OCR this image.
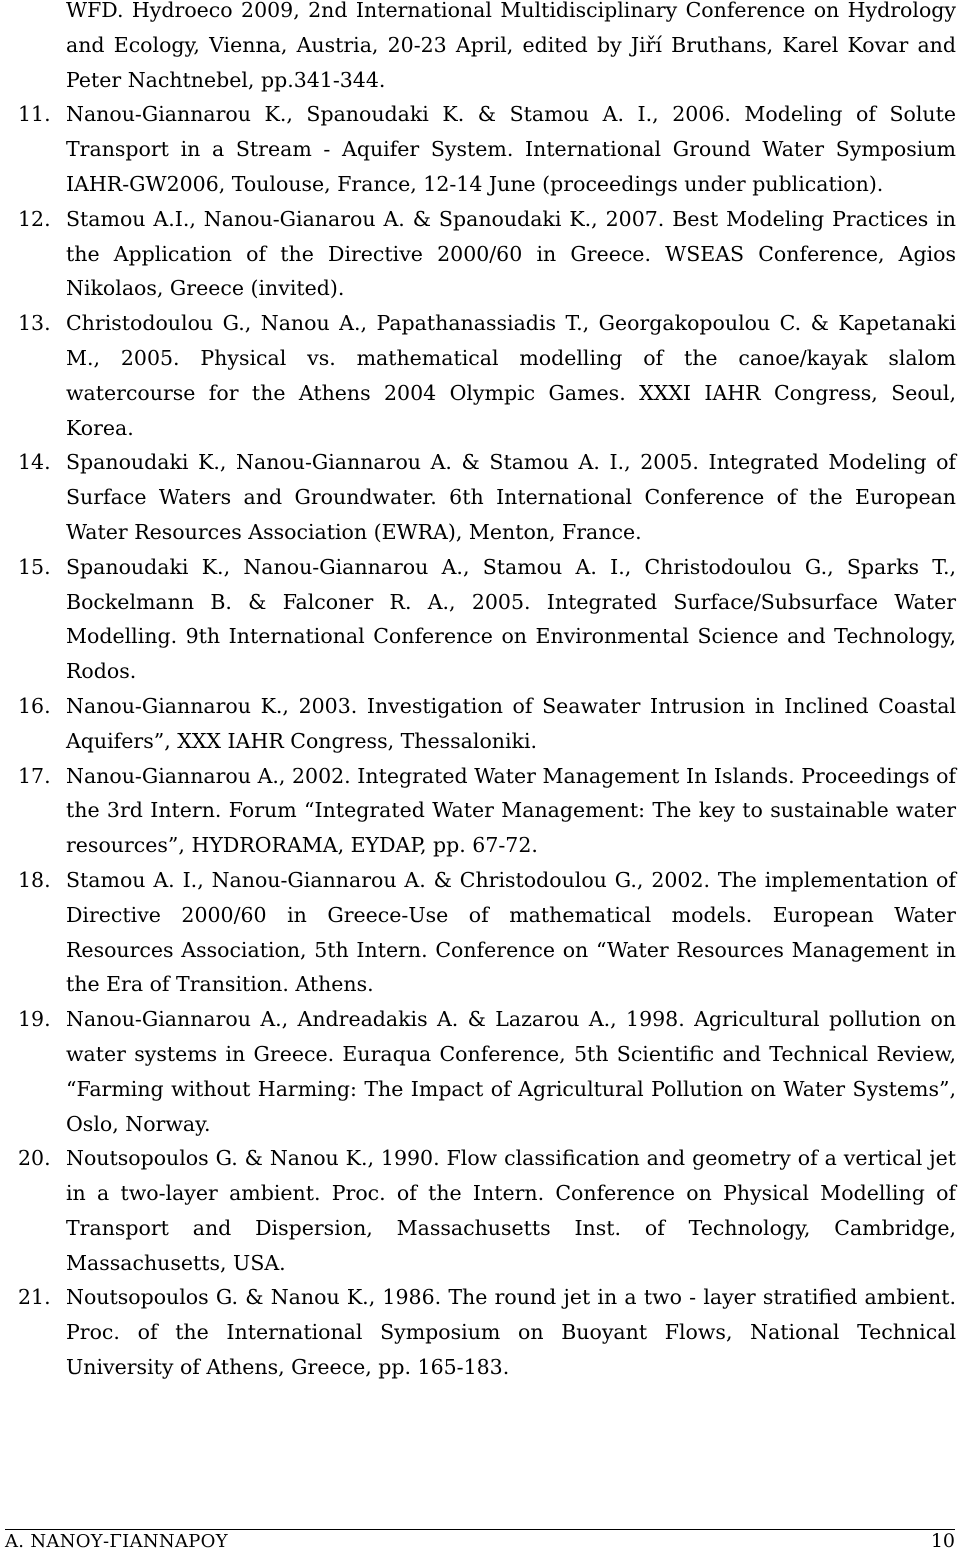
WFD. Hydroeco 2009, 2nd International Multidisciplinary Conference on Hydrology and Ecology, Vienna, Austria, 20-23 April, edited by Jiří Bruthans, Karel Kovar and Peter Nachtnebel, pp.341-344.
11. Nanou-Giannarou K., Spanoudaki K. & Stamou A. I., 2006. Modeling of Solute Transport in a Stream - Aquifer System. International Ground Water Symposium IAHR-GW2006, Toulouse, France, 12-14 June (proceedings under publication).
12. Stamou A.I., Nanou-Gianarou A. & Spanoudaki K., 2007. Best Modeling Practices in the Application of the Directive 2000/60 in Greece. WSEAS Conference, Agios Nikolaos, Greece (invited).
13. Christodoulou G., Nanou A., Papathanassiadis T., Georgakopoulou C. & Kapetanaki M., 2005. Physical vs. mathematical modelling of the canoe/kayak slalom watercourse for the Athens 2004 Olympic Games. XXXI IAHR Congress, Seoul, Korea.
14. Spanoudaki K., Nanou-Giannarou A. & Stamou A. I., 2005. Integrated Modeling of Surface Waters and Groundwater. 6th International Conference of the European Water Resources Association (EWRA), Menton, France.
15. Spanoudaki K., Nanou-Giannarou A., Stamou A. I., Christodoulou G., Sparks T., Bockelmann B. & Falconer R. A., 2005. Integrated Surface/Subsurface Water Modelling. 9th International Conference on Environmental Science and Technology, Rodos.
16. Nanou-Giannarou K., 2003. Investigation of Seawater Intrusion in Inclined Coastal Aquifers”, XXX IAHR Congress, Thessaloniki.
17. Nanou-Giannarou A., 2002. Integrated Water Management In Islands. Proceedings of the 3rd Intern. Forum “Integrated Water Management: The key to sustainable water resources”, HYDRORAMA, EYDAP, pp. 67-72.
18. Stamou A. I., Nanou-Giannarou A. & Christodoulou G., 2002. The implementation of Directive 2000/60 in Greece-Use of mathematical models. European Water Resources Association, 5th Intern. Conference on “Water Resources Management in the Era of Transition. Athens.
19. Nanou-Giannarou A., Andreadakis A. & Lazarou A., 1998. Agricultural pollution on water systems in Greece. Euraqua Conference, 5th Scientific and Technical Review, “Farming without Harming: The Impact of Agricultural Pollution on Water Systems”, Oslo, Norway.
20. Noutsopoulos G. & Nanou K., 1990. Flow classification and geometry of a vertical jet in a two-layer ambient. Proc. of the Intern. Conference on Physical Modelling of Transport and Dispersion, Massachusetts Inst. of Technology, Cambridge, Massachusetts, USA.
21. Noutsopoulos G. & Nanou K., 1986. The round jet in a two - layer stratified ambient. Proc. of the International Symposium on Buoyant Flows, National Technical University of Athens, Greece, pp. 165-183.
A. ΝΑΝΟΥ-ΓΙΑΝΝΑΡΟΥ	10
